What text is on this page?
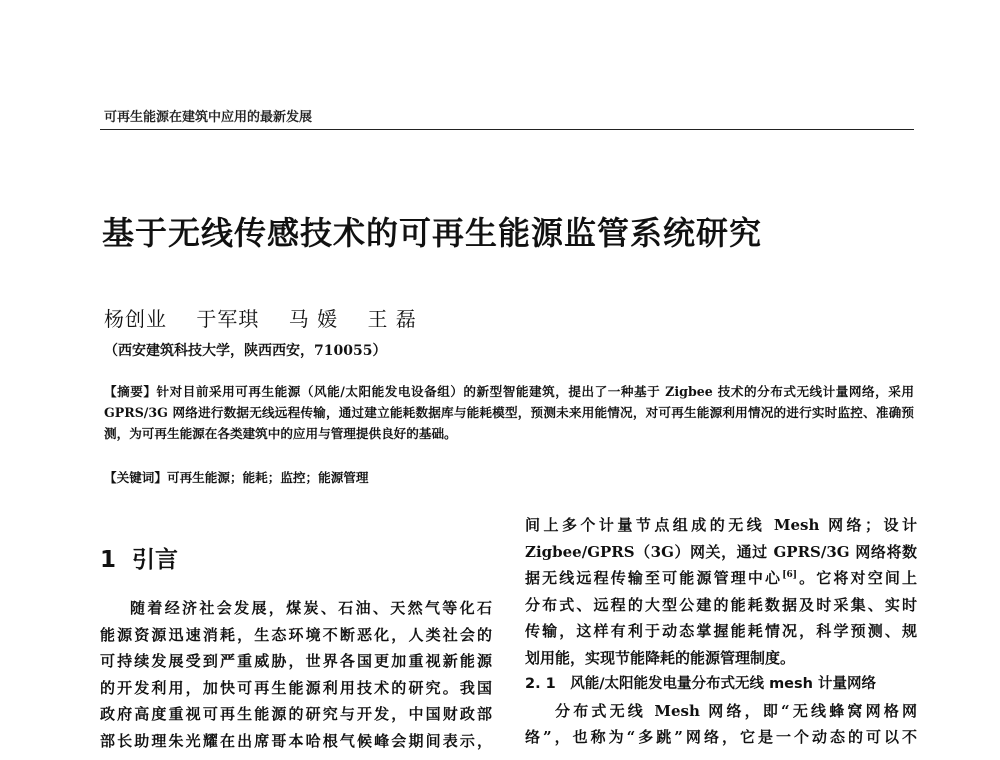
可再生能源在建筑中应用的最新发展
基于无线传感技术的可再生能源监管系统研究
杨创业 于军琪 马 媛 王 磊
（西安建筑科技大学，陕西西安，710055）

【摘要】针对目前采用可再生能源（风能/太阳能发电设备组）的新型智能建筑，提出了一种基于 Zigbee 技术的分布式无线计量网络，采用 GPRS/3G 网络进行数据无线远程传输，通过建立能耗数据库与能耗模型，预测未来用能情况，对可再生能源利用情况的进行实时监控、准确预测，为可再生能源在各类建筑中的应用与管理提供良好的基础。

【关键词】可再生能源；能耗；监控；能源管理

1 引言
随着经济社会发展，煤炭、石油、天然气等化石
能源资源迅速消耗，生态环境不断恶化，人类社会的
可持续发展受到严重威胁，世界各国更加重视新能源
的开发利用，加快可再生能源利用技术的研究。我国
政府高度重视可再生能源的研究与开发，中国财政部
部长助理朱光耀在出席哥本哈根气候峰会期间表示，
间上多个计量节点组成的无线 Mesh 网络；设计
Zigbee/GPRS（3G）网关，通过 GPRS/3G 网络将数
据无线远程传输至可能源管理中心[6]。它将对空间上
分布式、远程的大型公建的能耗数据及时采集、实时
传输，这样有利于动态掌握能耗情况，科学预测、规
划用能，实现节能降耗的能源管理制度。
2. 1　风能/太阳能发电量分布式无线 mesh 计量网络
分布式无线 Mesh 网络，即“无线蜂窝网格网
络”，也称为“多跳”网络，它是一个动态的可以不
